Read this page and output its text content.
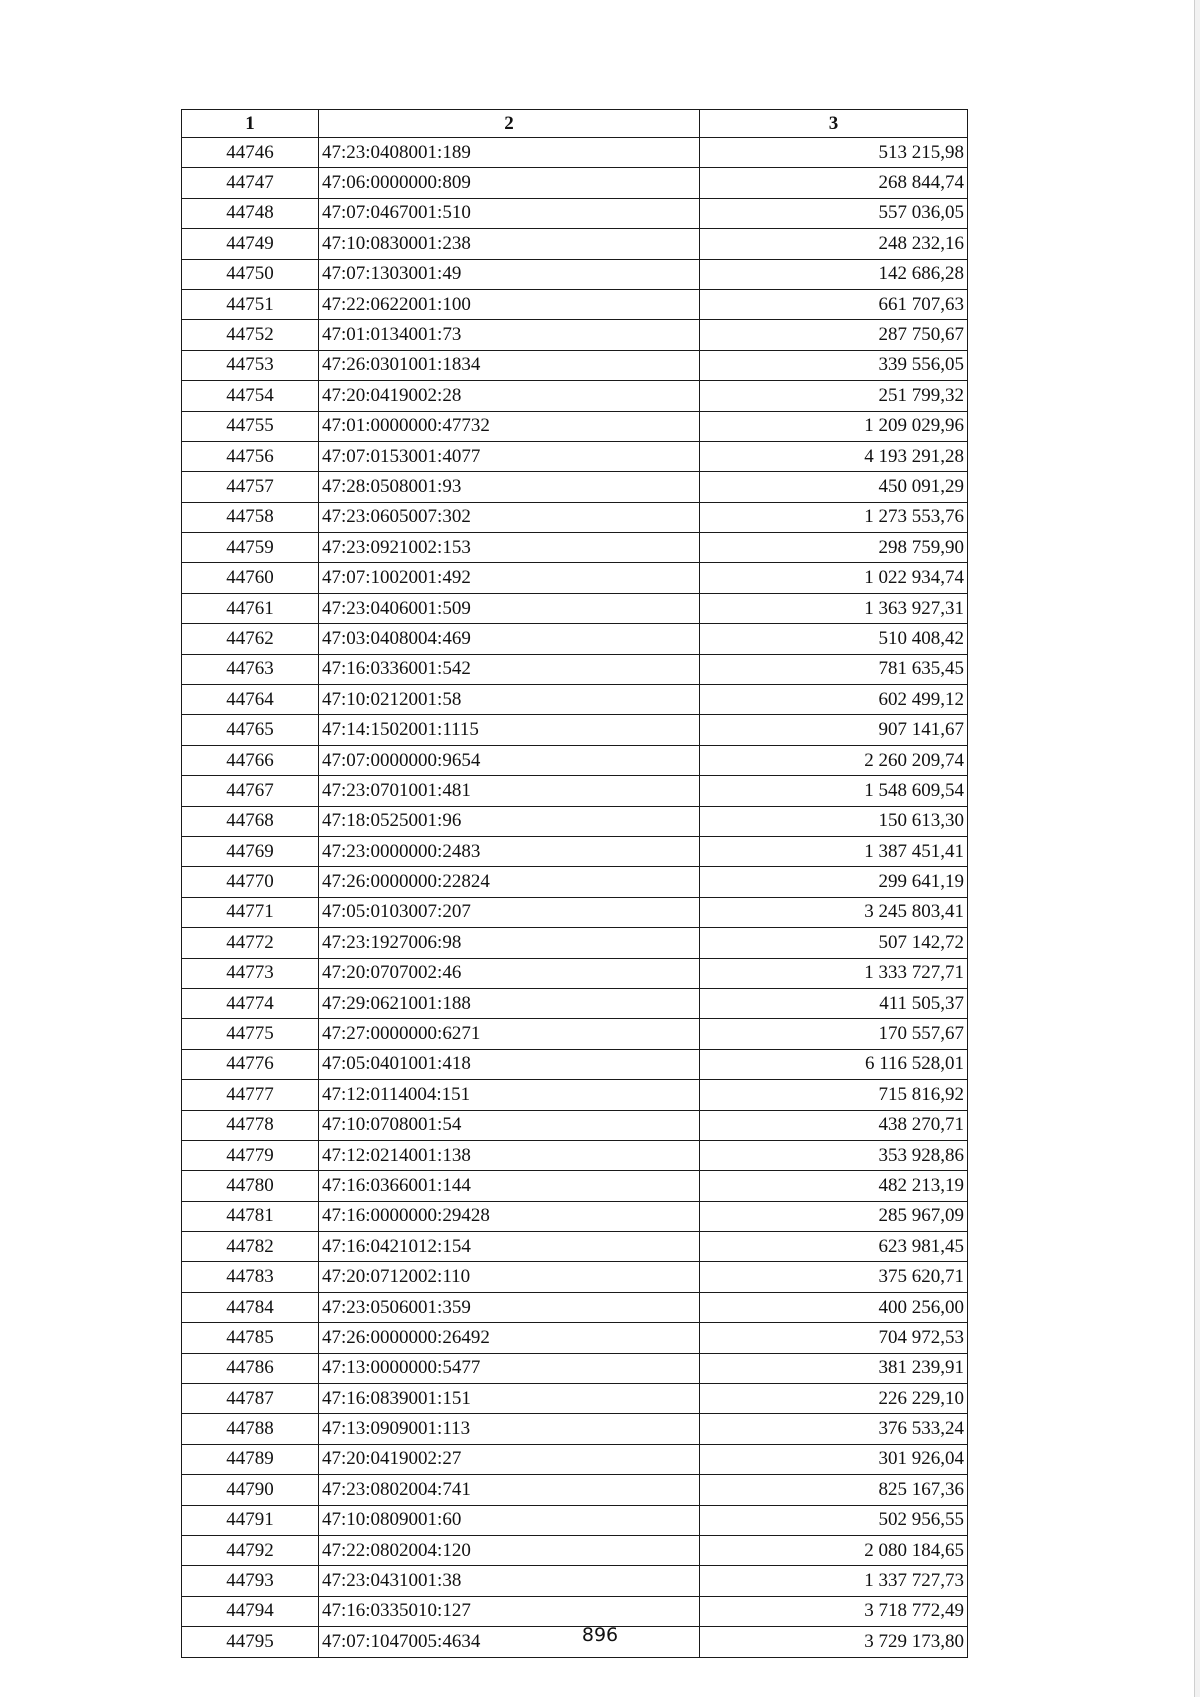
1	2	3
44746	47:23:0408001:189	513 215,98
44747	47:06:0000000:809	268 844,74
44748	47:07:0467001:510	557 036,05
44749	47:10:0830001:238	248 232,16
44750	47:07:1303001:49	142 686,28
44751	47:22:0622001:100	661 707,63
44752	47:01:0134001:73	287 750,67
44753	47:26:0301001:1834	339 556,05
44754	47:20:0419002:28	251 799,32
44755	47:01:0000000:47732	1 209 029,96
44756	47:07:0153001:4077	4 193 291,28
44757	47:28:0508001:93	450 091,29
44758	47:23:0605007:302	1 273 553,76
44759	47:23:0921002:153	298 759,90
44760	47:07:1002001:492	1 022 934,74
44761	47:23:0406001:509	1 363 927,31
44762	47:03:0408004:469	510 408,42
44763	47:16:0336001:542	781 635,45
44764	47:10:0212001:58	602 499,12
44765	47:14:1502001:1115	907 141,67
44766	47:07:0000000:9654	2 260 209,74
44767	47:23:0701001:481	1 548 609,54
44768	47:18:0525001:96	150 613,30
44769	47:23:0000000:2483	1 387 451,41
44770	47:26:0000000:22824	299 641,19
44771	47:05:0103007:207	3 245 803,41
44772	47:23:1927006:98	507 142,72
44773	47:20:0707002:46	1 333 727,71
44774	47:29:0621001:188	411 505,37
44775	47:27:0000000:6271	170 557,67
44776	47:05:0401001:418	6 116 528,01
44777	47:12:0114004:151	715 816,92
44778	47:10:0708001:54	438 270,71
44779	47:12:0214001:138	353 928,86
44780	47:16:0366001:144	482 213,19
44781	47:16:0000000:29428	285 967,09
44782	47:16:0421012:154	623 981,45
44783	47:20:0712002:110	375 620,71
44784	47:23:0506001:359	400 256,00
44785	47:26:0000000:26492	704 972,53
44786	47:13:0000000:5477	381 239,91
44787	47:16:0839001:151	226 229,10
44788	47:13:0909001:113	376 533,24
44789	47:20:0419002:27	301 926,04
44790	47:23:0802004:741	825 167,36
44791	47:10:0809001:60	502 956,55
44792	47:22:0802004:120	2 080 184,65
44793	47:23:0431001:38	1 337 727,73
44794	47:16:0335010:127	3 718 772,49
44795	47:07:1047005:4634	3 729 173,80
896
